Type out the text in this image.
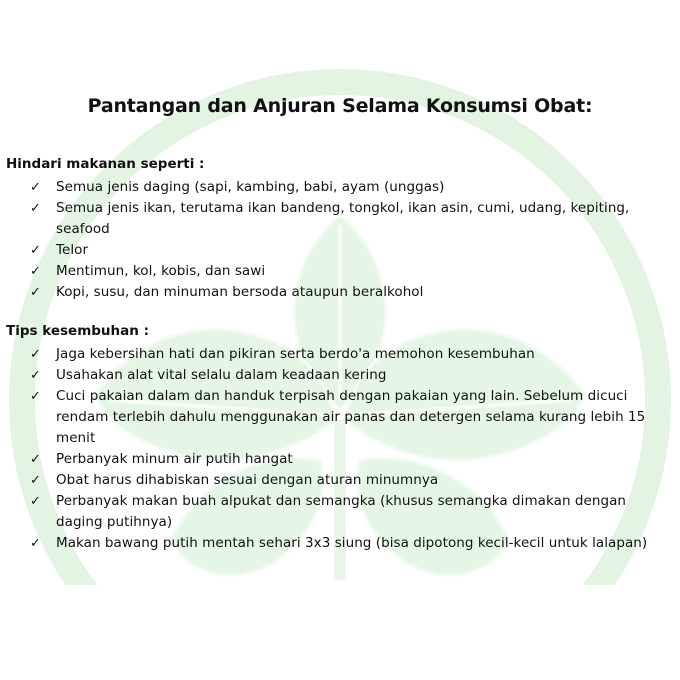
Pantangan dan Anjuran Selama Konsumsi Obat:
Hindari makanan seperti :
✓ Semua jenis daging (sapi, kambing, babi, ayam (unggas)
✓ Semua jenis ikan, terutama ikan bandeng, tongkol, ikan asin, cumi, udang, kepiting, seafood
✓ Telor
✓ Mentimun, kol, kobis, dan sawi
✓ Kopi, susu, dan minuman bersoda ataupun beralkohol
Tips kesembuhan :
✓ Jaga kebersihan hati dan pikiran serta berdo'a memohon kesembuhan
✓ Usahakan alat vital selalu dalam keadaan kering
✓ Cuci pakaian dalam dan handuk terpisah dengan pakaian yang lain. Sebelum dicuci rendam terlebih dahulu menggunakan air panas dan detergen selama kurang lebih 15 menit
✓ Perbanyak minum air putih hangat
✓ Obat harus dihabiskan sesuai dengan aturan minumnya
✓ Perbanyak makan buah alpukat dan semangka (khusus semangka dimakan dengan daging putihnya)
✓ Makan bawang putih mentah sehari 3x3 siung (bisa dipotong kecil-kecil untuk lalapan)
